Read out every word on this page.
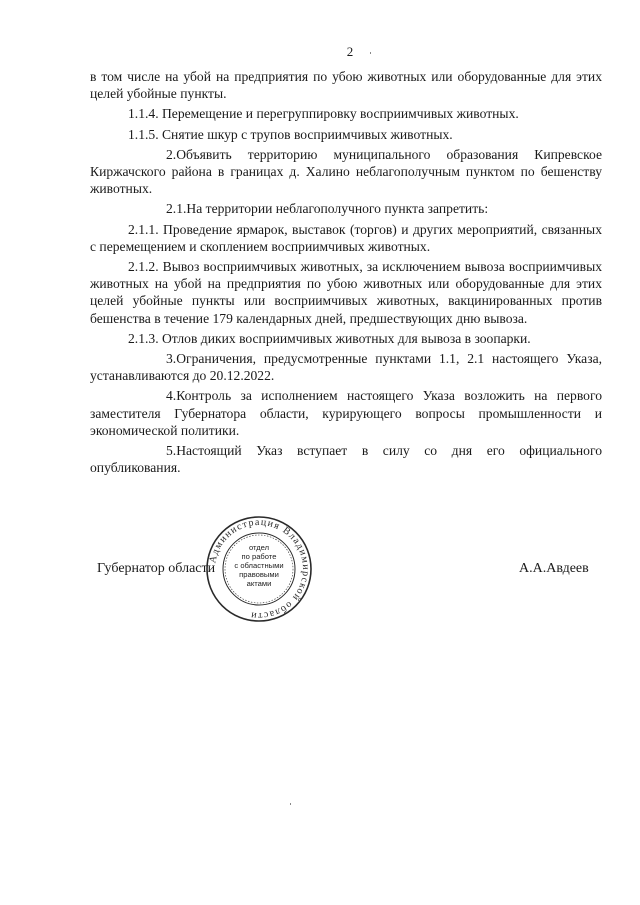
2

в том числе на убой на предприятия по убою животных или оборудованные для этих целей убойные пункты.

1.1.4. Перемещение и перегруппировку восприимчивых животных.

1.1.5. Снятие шкур с трупов восприимчивых животных.

2.Объявить территорию муниципального образования Кипревское Киржачского района в границах д. Халино неблагополучным пунктом по бешенству животных.

2.1.На территории неблагополучного пункта запретить:

2.1.1. Проведение ярмарок, выставок (торгов) и других мероприятий, связанных с перемещением и скоплением восприимчивых животных.

2.1.2. Вывоз восприимчивых животных, за исключением вывоза восприимчивых животных на убой на предприятия по убою животных или оборудованные для этих целей убойные пункты или восприимчивых животных, вакцинированных против бешенства в течение 179 календарных дней, предшествующих дню вывоза.

2.1.3. Отлов диких восприимчивых животных для вывоза в зоопарки.

3.Ограничения, предусмотренные пунктами 1.1, 2.1 настоящего Указа, устанавливаются до 20.12.2022.

4.Контроль за исполнением настоящего Указа возложить на первого заместителя Губернатора области, курирующего вопросы промышленности и экономической политики.

5.Настоящий Указ вступает в силу со дня его официального опубликования.

Губернатор области	А.А.Авдеев
Администрация Владимирской области
отдел
по работе
с областными
правовыми
актами
